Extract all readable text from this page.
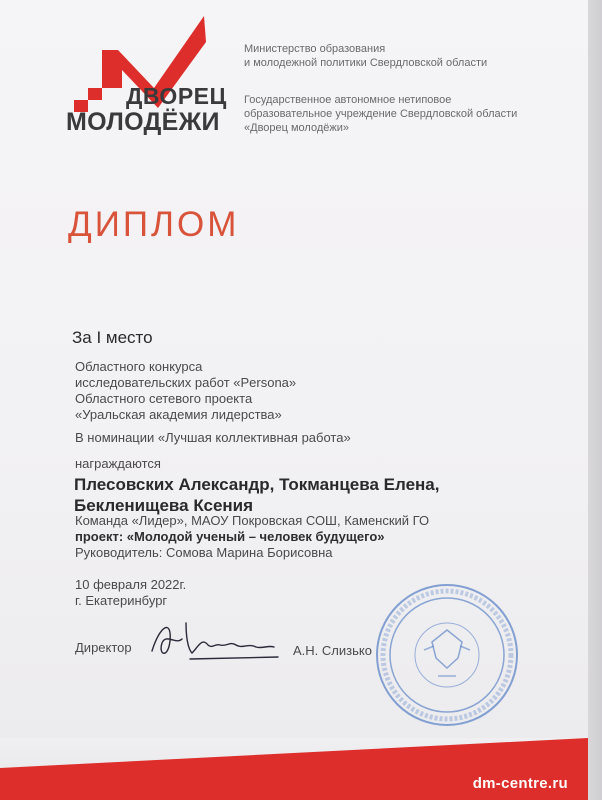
ДВОРЕЦ
МОЛОДЁЖИ
Министерство образования
и молодежной политики Свердловской области
Государственное автономное нетиповое
образовательное учреждение Свердловской области
«Дворец молодёжи»
ДИПЛОМ
За I место
Областного конкурса
исследовательских работ «Persona»
Областного сетевого проекта
«Уральская академия лидерства»
В номинации «Лучшая коллективная работа»
награждаются
Плесовских Александр, Токманцева Елена,
Бекленищева Ксения
Команда «Лидер», МАОУ Покровская СОШ, Каменский ГО
проект: «Молодой ученый – человек будущего»
Руководитель: Сомова Марина Борисовна
10 февраля 2022г.
г. Екатеринбург
Директор	А.Н. Слизько
dm-centre.ru
